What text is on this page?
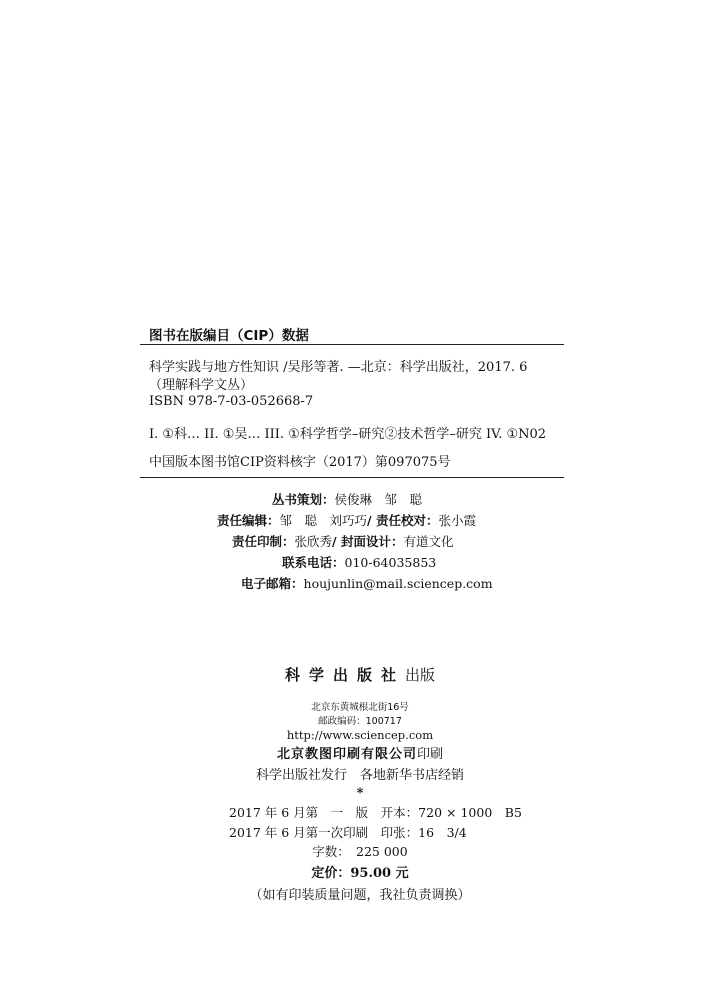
图书在版编目（CIP）数据
科学实践与地方性知识 /吴彤等著. —北京：科学出版社，2017. 6
（理解科学文丛）
ISBN 978-7-03-052668-7
I. ①科… II. ①吴… III. ①科学哲学–研究②技术哲学–研究 IV. ①N02
中国版本图书馆CIP资料核字（2017）第097075号
丛书策划：侯俊琳　邹　聪
责任编辑：邹　聪　刘巧巧/ 责任校对：张小霞
责任印制：张欣秀/ 封面设计：有道文化
联系电话：010-64035853
电子邮箱：houjunlin@mail.sciencep.com
科学出版社出版
北京东黄城根北街16号
邮政编码：100717
http://www.sciencep.com
北京教图印刷有限公司印刷
科学出版社发行　各地新华书店经销
*
2017 年 6 月第　一　版　开本：720 × 1000　B5
2017 年 6 月第一次印刷　印张：16　3/4
字数：　225 000
定价：95.00 元
（如有印装质量问题，我社负责调换）
